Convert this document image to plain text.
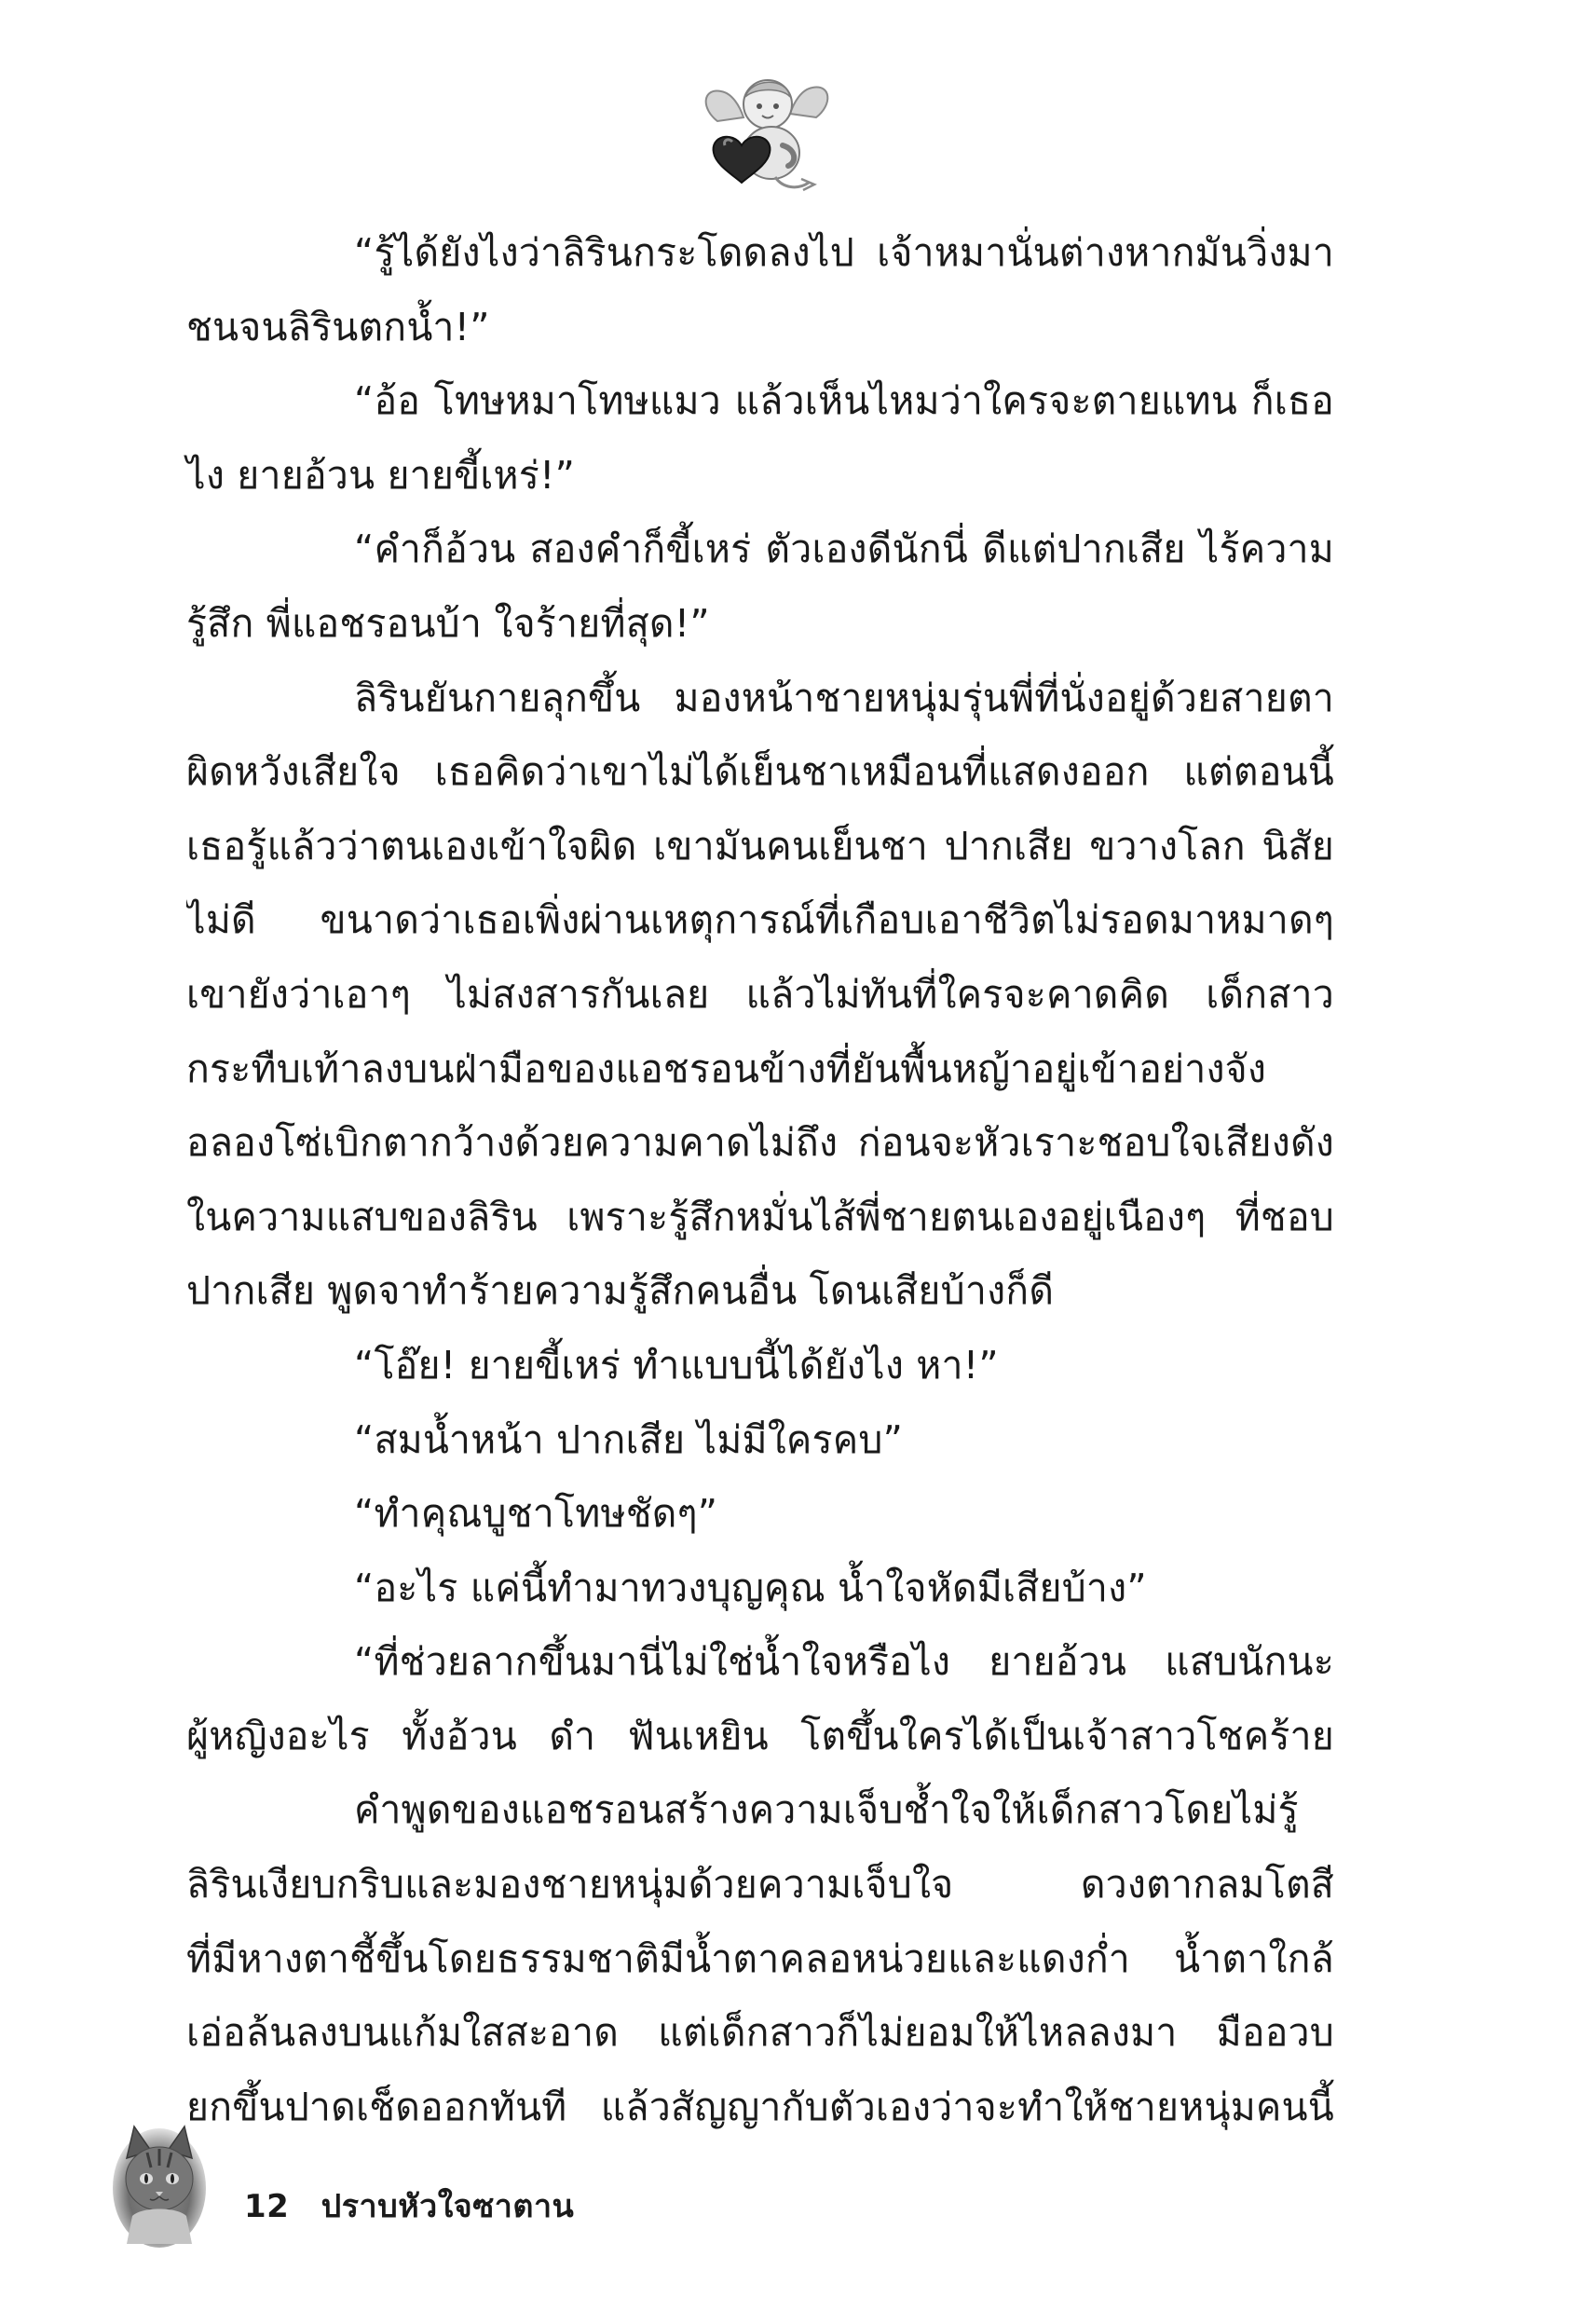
“รู้ได้ยังไงว่าลิรินกระโดดลงไป เจ้าหมานั่นต่างหากมันวิ่งมา
ชนจนลิรินตกน้ำ!”
“อ้อ โทษหมาโทษแมว แล้วเห็นไหมว่าใครจะตายแทน ก็เธอ
ไง ยายอ้วน ยายขี้เหร่!”
“คำก็อ้วน สองคำก็ขี้เหร่ ตัวเองดีนักนี่ ดีแต่ปากเสีย ไร้ความ
รู้สึก พี่แอชรอนบ้า ใจร้ายที่สุด!”
ลิรินยันกายลุกขึ้น มองหน้าชายหนุ่มรุ่นพี่ที่นั่งอยู่ด้วยสายตา
ผิดหวังเสียใจ เธอคิดว่าเขาไม่ได้เย็นชาเหมือนที่แสดงออก แต่ตอนนี้
เธอรู้แล้วว่าตนเองเข้าใจผิด เขามันคนเย็นชา ปากเสีย ขวางโลก นิสัย
ไม่ดี ขนาดว่าเธอเพิ่งผ่านเหตุการณ์ที่เกือบเอาชีวิตไม่รอดมาหมาดๆ
เขายังว่าเอาๆ ไม่สงสารกันเลย แล้วไม่ทันที่ใครจะคาดคิด เด็กสาว
กระทืบเท้าลงบนฝ่ามือของแอชรอนข้างที่ยันพื้นหญ้าอยู่เข้าอย่างจัง
อลองโซ่เบิกตากว้างด้วยความคาดไม่ถึง ก่อนจะหัวเราะชอบใจเสียงดัง
ในความแสบของลิริน เพราะรู้สึกหมั่นไส้พี่ชายตนเองอยู่เนืองๆ ที่ชอบ
ปากเสีย พูดจาทำร้ายความรู้สึกคนอื่น โดนเสียบ้างก็ดี
“โอ๊ย! ยายขี้เหร่ ทำแบบนี้ได้ยังไง หา!”
“สมน้ำหน้า ปากเสีย ไม่มีใครคบ”
“ทำคุณบูชาโทษชัดๆ”
“อะไร แค่นี้ทำมาทวงบุญคุณ น้ำใจหัดมีเสียบ้าง”
“ที่ช่วยลากขึ้นมานี่ไม่ใช่น้ำใจหรือไง ยายอ้วน แสบนักนะ
ผู้หญิงอะไร ทั้งอ้วน ดำ ฟันเหยิน โตขึ้นใครได้เป็นเจ้าสาวโชคร้าย
คำพูดของแอชรอนสร้างความเจ็บช้ำใจให้เด็กสาวโดยไม่รู้
ลิรินเงียบกริบและมองชายหนุ่มด้วยความเจ็บใจ ดวงตากลมโตสี
ที่มีหางตาชี้ขึ้นโดยธรรมชาติมีน้ำตาคลอหน่วยและแดงก่ำ น้ำตาใกล้
เอ่อล้นลงบนแก้มใสสะอาด แต่เด็กสาวก็ไม่ยอมให้ไหลลงมา มืออวบ
ยกขึ้นปาดเช็ดออกทันที แล้วสัญญากับตัวเองว่าจะทำให้ชายหนุ่มคนนี้
12 ปราบหัวใจซาตาน
